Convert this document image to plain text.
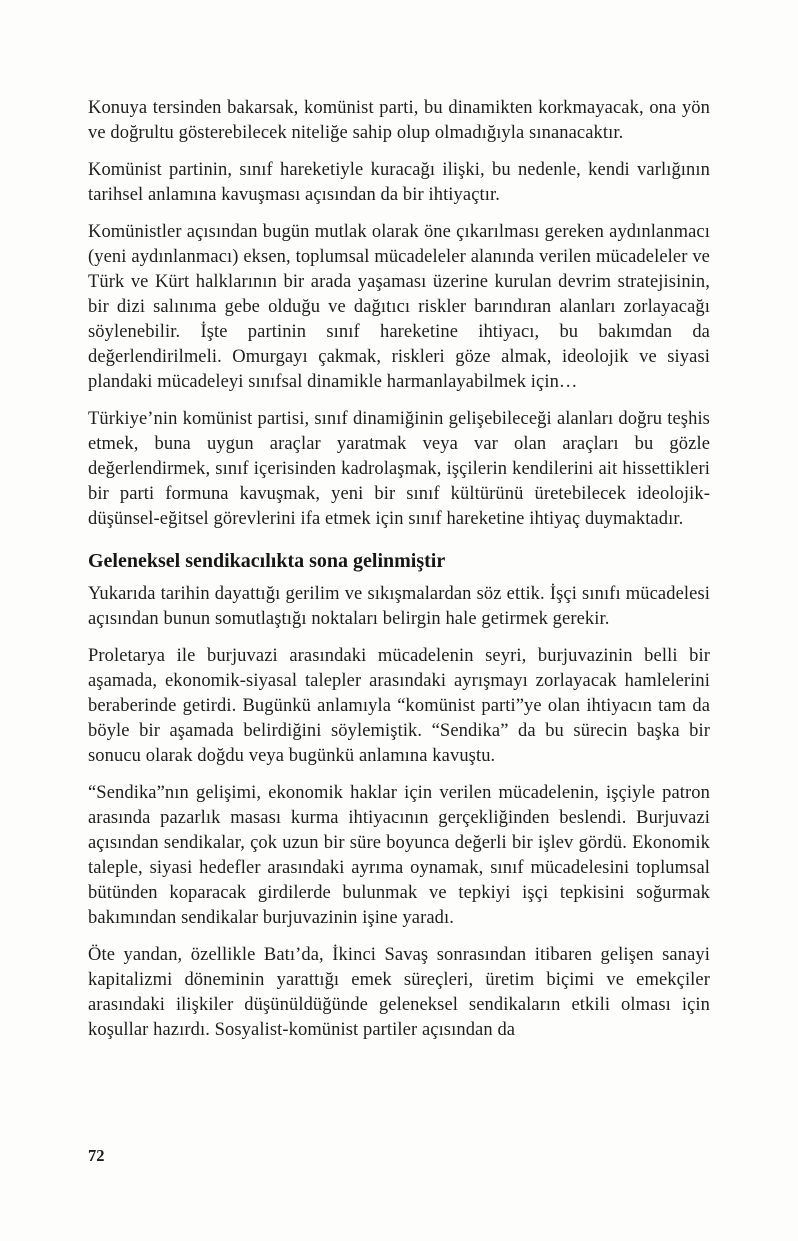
Konuya tersinden bakarsak, komünist parti, bu dinamikten korkmayacak, ona yön ve doğrultu gösterebilecek niteliğe sahip olup olmadığıyla sınanacaktır.

Komünist partinin, sınıf hareketiyle kuracağı ilişki, bu nedenle, kendi varlığının tarihsel anlamına kavuşması açısından da bir ihtiyaçtır.

Komünistler açısından bugün mutlak olarak öne çıkarılması gereken aydınlanmacı (yeni aydınlanmacı) eksen, toplumsal mücadeleler alanında verilen mücadeleler ve Türk ve Kürt halklarının bir arada yaşaması üzerine kurulan devrim stratejisinin, bir dizi salınıma gebe olduğu ve dağıtıcı riskler barındıran alanları zorlayacağı söylenebilir. İşte partinin sınıf hareketine ihtiyacı, bu bakımdan da değerlendirilmeli. Omurgayı çakmak, riskleri göze almak, ideolojik ve siyasi plandaki mücadeleyi sınıfsal dinamikle harmanlayabilmek için…

Türkiye’nin komünist partisi, sınıf dinamiğinin gelişebileceği alanları doğru teşhis etmek, buna uygun araçlar yaratmak veya var olan araçları bu gözle değerlendirmek, sınıf içerisinden kadrolaşmak, işçilerin kendilerini ait hissettikleri bir parti formuna kavuşmak, yeni bir sınıf kültürünü üretebilecek ideolojik-düşünsel-eğitsel görevlerini ifa etmek için sınıf hareketine ihtiyaç duymaktadır.

Geleneksel sendikacılıkta sona gelinmiştir

Yukarıda tarihin dayattığı gerilim ve sıkışmalardan söz ettik. İşçi sınıfı mücadelesi açısından bunun somutlaştığı noktaları belirgin hale getirmek gerekir.

Proletarya ile burjuvazi arasındaki mücadelenin seyri, burjuvazinin belli bir aşamada, ekonomik-siyasal talepler arasındaki ayrışmayı zorlayacak hamlelerini beraberinde getirdi. Bugünkü anlamıyla “komünist parti”ye olan ihtiyacın tam da böyle bir aşamada belirdiğini söylemiştik. “Sendika” da bu sürecin başka bir sonucu olarak doğdu veya bugünkü anlamına kavuştu.

“Sendika”nın gelişimi, ekonomik haklar için verilen mücadelenin, işçiyle patron arasında pazarlık masası kurma ihtiyacının gerçekliğinden beslendi. Burjuvazi açısından sendikalar, çok uzun bir süre boyunca değerli bir işlev gördü. Ekonomik taleple, siyasi hedefler arasındaki ayrıma oynamak, sınıf mücadelesini toplumsal bütünden koparacak girdilerde bulunmak ve tepkiyi işçi tepkisini soğurmak bakımından sendikalar burjuvazinin işine yaradı.

Öte yandan, özellikle Batı’da, İkinci Savaş sonrasından itibaren gelişen sanayi kapitalizmi döneminin yarattığı emek süreçleri, üretim biçimi ve emekçiler arasındaki ilişkiler düşünüldüğünde geleneksel sendikaların etkili olması için koşullar hazırdı. Sosyalist-komünist partiler açısından da

72
